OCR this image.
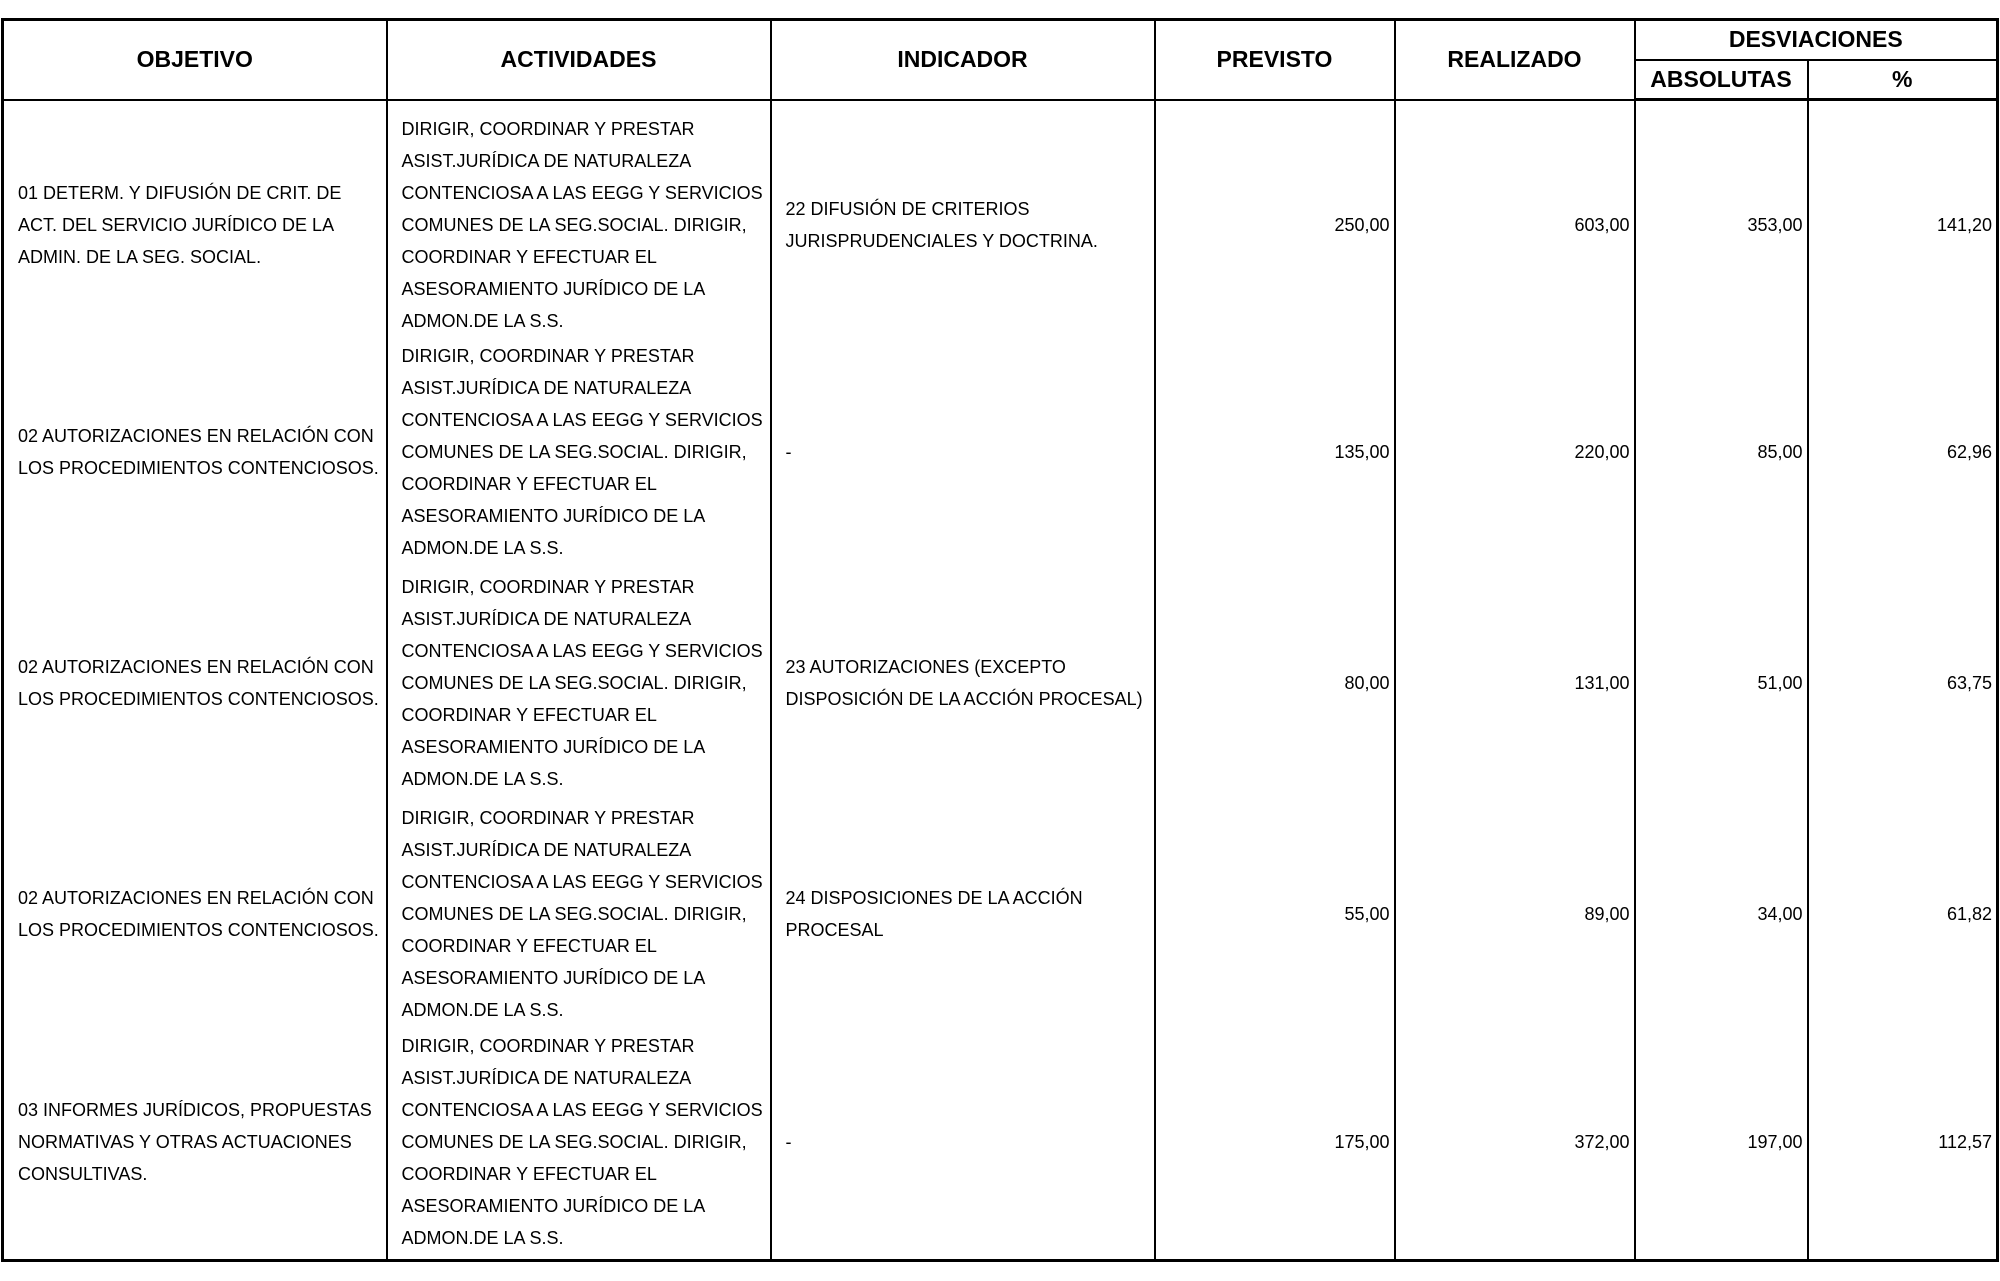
OBJETIVO	ACTIVIDADES	INDICADOR	PREVISTO	REALIZADO	DESVIACIONES	
					ABSOLUTAS	%
01 DETERM. Y DIFUSIÓN DE CRIT. DE ACT. DEL SERVICIO JURÍDICO DE LA ADMIN. DE LA SEG. SOCIAL.	DIRIGIR, COORDINAR Y PRESTAR ASIST.JURÍDICA DE NATURALEZA CONTENCIOSA A LAS EEGG Y SERVICIOS COMUNES DE LA SEG.SOCIAL. DIRIGIR, COORDINAR Y EFECTUAR EL ASESORAMIENTO JURÍDICO DE LA ADMON.DE LA S.S.	22 DIFUSIÓN DE CRITERIOS JURISPRUDENCIALES Y DOCTRINA.	250,00	603,00	353,00	141,20
02 AUTORIZACIONES EN RELACIÓN CON LOS PROCEDIMIENTOS CONTENCIOSOS.	DIRIGIR, COORDINAR Y PRESTAR ASIST.JURÍDICA DE NATURALEZA CONTENCIOSA A LAS EEGG Y SERVICIOS COMUNES DE LA SEG.SOCIAL. DIRIGIR, COORDINAR Y EFECTUAR EL ASESORAMIENTO JURÍDICO DE LA ADMON.DE LA S.S.	-	135,00	220,00	85,00	62,96
02 AUTORIZACIONES EN RELACIÓN CON LOS PROCEDIMIENTOS CONTENCIOSOS.	DIRIGIR, COORDINAR Y PRESTAR ASIST.JURÍDICA DE NATURALEZA CONTENCIOSA A LAS EEGG Y SERVICIOS COMUNES DE LA SEG.SOCIAL. DIRIGIR, COORDINAR Y EFECTUAR EL ASESORAMIENTO JURÍDICO DE LA ADMON.DE LA S.S.	23 AUTORIZACIONES (EXCEPTO DISPOSICIÓN DE LA ACCIÓN PROCESAL)	80,00	131,00	51,00	63,75
02 AUTORIZACIONES EN RELACIÓN CON LOS PROCEDIMIENTOS CONTENCIOSOS.	DIRIGIR, COORDINAR Y PRESTAR ASIST.JURÍDICA DE NATURALEZA CONTENCIOSA A LAS EEGG Y SERVICIOS COMUNES DE LA SEG.SOCIAL. DIRIGIR, COORDINAR Y EFECTUAR EL ASESORAMIENTO JURÍDICO DE LA ADMON.DE LA S.S.	24 DISPOSICIONES DE LA ACCIÓN PROCESAL	55,00	89,00	34,00	61,82
03 INFORMES JURÍDICOS, PROPUESTAS NORMATIVAS Y OTRAS ACTUACIONES CONSULTIVAS.	DIRIGIR, COORDINAR Y PRESTAR ASIST.JURÍDICA DE NATURALEZA CONTENCIOSA A LAS EEGG Y SERVICIOS COMUNES DE LA SEG.SOCIAL. DIRIGIR, COORDINAR Y EFECTUAR EL ASESORAMIENTO JURÍDICO DE LA ADMON.DE LA S.S.	-	175,00	372,00	197,00	112,57
